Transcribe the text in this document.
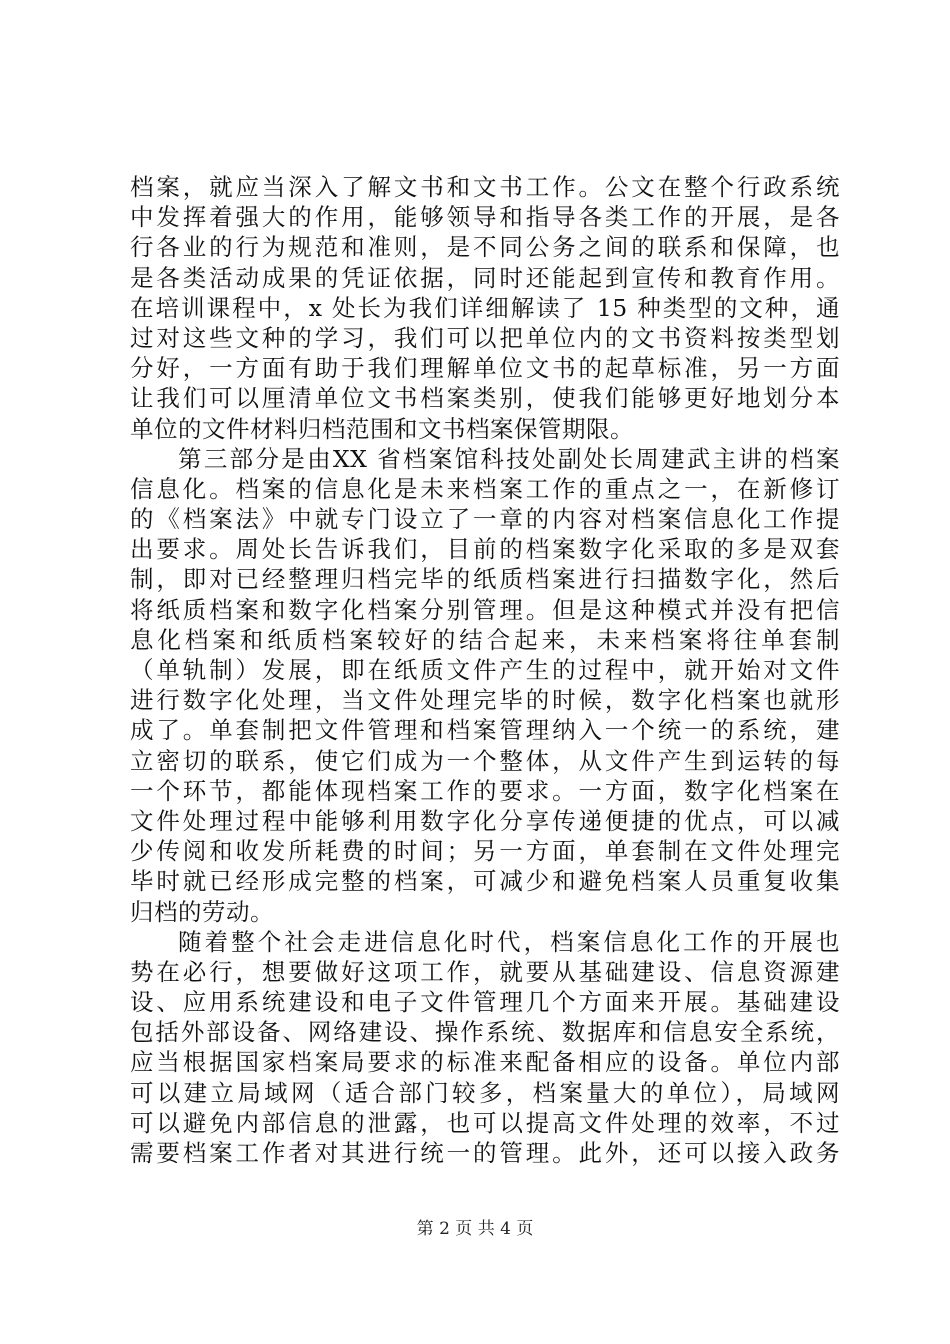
档案，就应当深入了解文书和文书工作。公文在整个行政系统
中发挥着强大的作用，能够领导和指导各类工作的开展，是各
行各业的行为规范和准则，是不同公务之间的联系和保障，也
是各类活动成果的凭证依据，同时还能起到宣传和教育作用。
在培训课程中，x 处长为我们详细解读了 15 种类型的文种，通
过对这些文种的学习，我们可以把单位内的文书资料按类型划
分好，一方面有助于我们理解单位文书的起草标准，另一方面
让我们可以厘清单位文书档案类别，使我们能够更好地划分本
单位的文件材料归档范围和文书档案保管期限。
第三部分是由XX 省档案馆科技处副处长周建武主讲的档案
信息化。档案的信息化是未来档案工作的重点之一，在新修订
的《档案法》中就专门设立了一章的内容对档案信息化工作提
出要求。周处长告诉我们，目前的档案数字化采取的多是双套
制，即对已经整理归档完毕的纸质档案进行扫描数字化，然后
将纸质档案和数字化档案分别管理。但是这种模式并没有把信
息化档案和纸质档案较好的结合起来，未来档案将往单套制
（单轨制）发展，即在纸质文件产生的过程中，就开始对文件
进行数字化处理，当文件处理完毕的时候，数字化档案也就形
成了。单套制把文件管理和档案管理纳入一个统一的系统，建
立密切的联系，使它们成为一个整体，从文件产生到运转的每
一个环节，都能体现档案工作的要求。一方面，数字化档案在
文件处理过程中能够利用数字化分享传递便捷的优点，可以减
少传阅和收发所耗费的时间；另一方面，单套制在文件处理完
毕时就已经形成完整的档案，可减少和避免档案人员重复收集
归档的劳动。
随着整个社会走进信息化时代，档案信息化工作的开展也
势在必行，想要做好这项工作，就要从基础建设、信息资源建
设、应用系统建设和电子文件管理几个方面来开展。基础建设
包括外部设备、网络建设、操作系统、数据库和信息安全系统，
应当根据国家档案局要求的标准来配备相应的设备。单位内部
可以建立局域网（适合部门较多，档案量大的单位），局域网
可以避免内部信息的泄露，也可以提高文件处理的效率，不过
需要档案工作者对其进行统一的管理。此外，还可以接入政务
第 2 页 共 4 页
